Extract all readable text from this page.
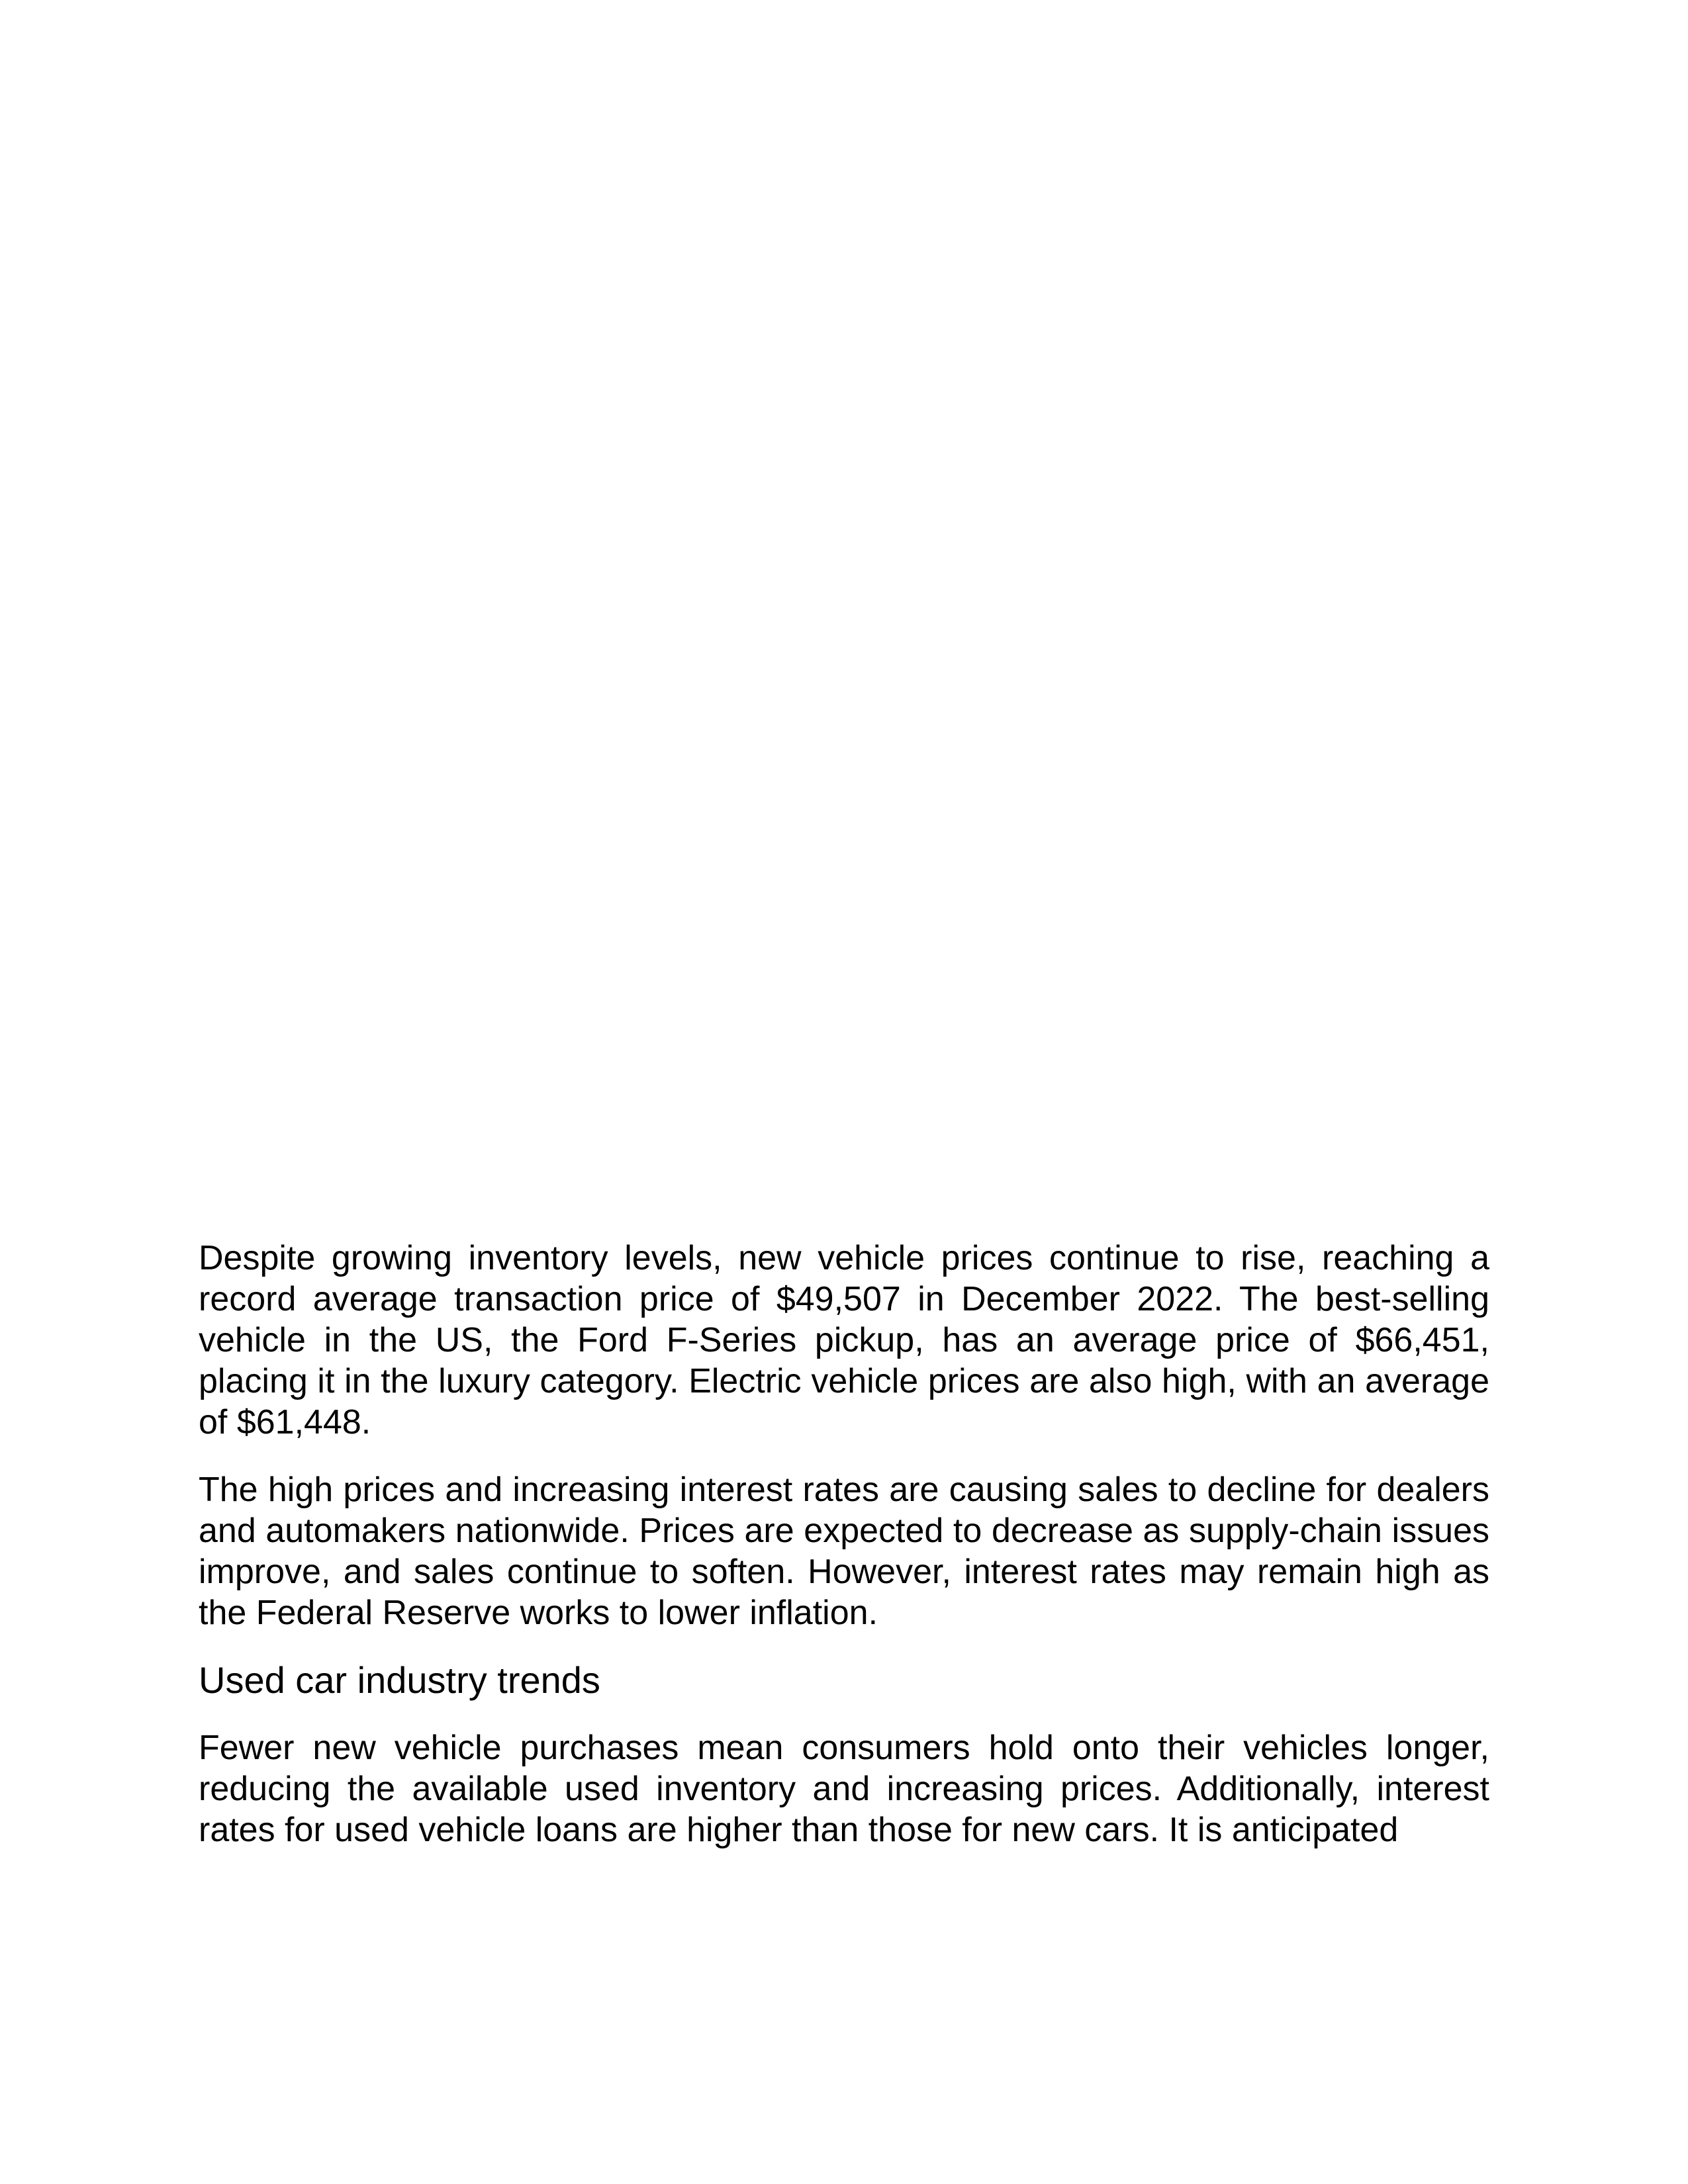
Despite growing inventory levels, new vehicle prices continue to rise, reaching a record average transaction price of $49,507 in December 2022. The best-selling vehicle in the US, the Ford F-Series pickup, has an average price of $66,451, placing it in the luxury category. Electric vehicle prices are also high, with an average of $61,448.

The high prices and increasing interest rates are causing sales to decline for dealers and automakers nationwide. Prices are expected to decrease as supply-chain issues improve, and sales continue to soften. However, interest rates may remain high as the Federal Reserve works to lower inflation.

Used car industry trends

Fewer new vehicle purchases mean consumers hold onto their vehicles longer, reducing the available used inventory and increasing prices. Additionally, interest rates for used vehicle loans are higher than those for new cars. It is anticipated
